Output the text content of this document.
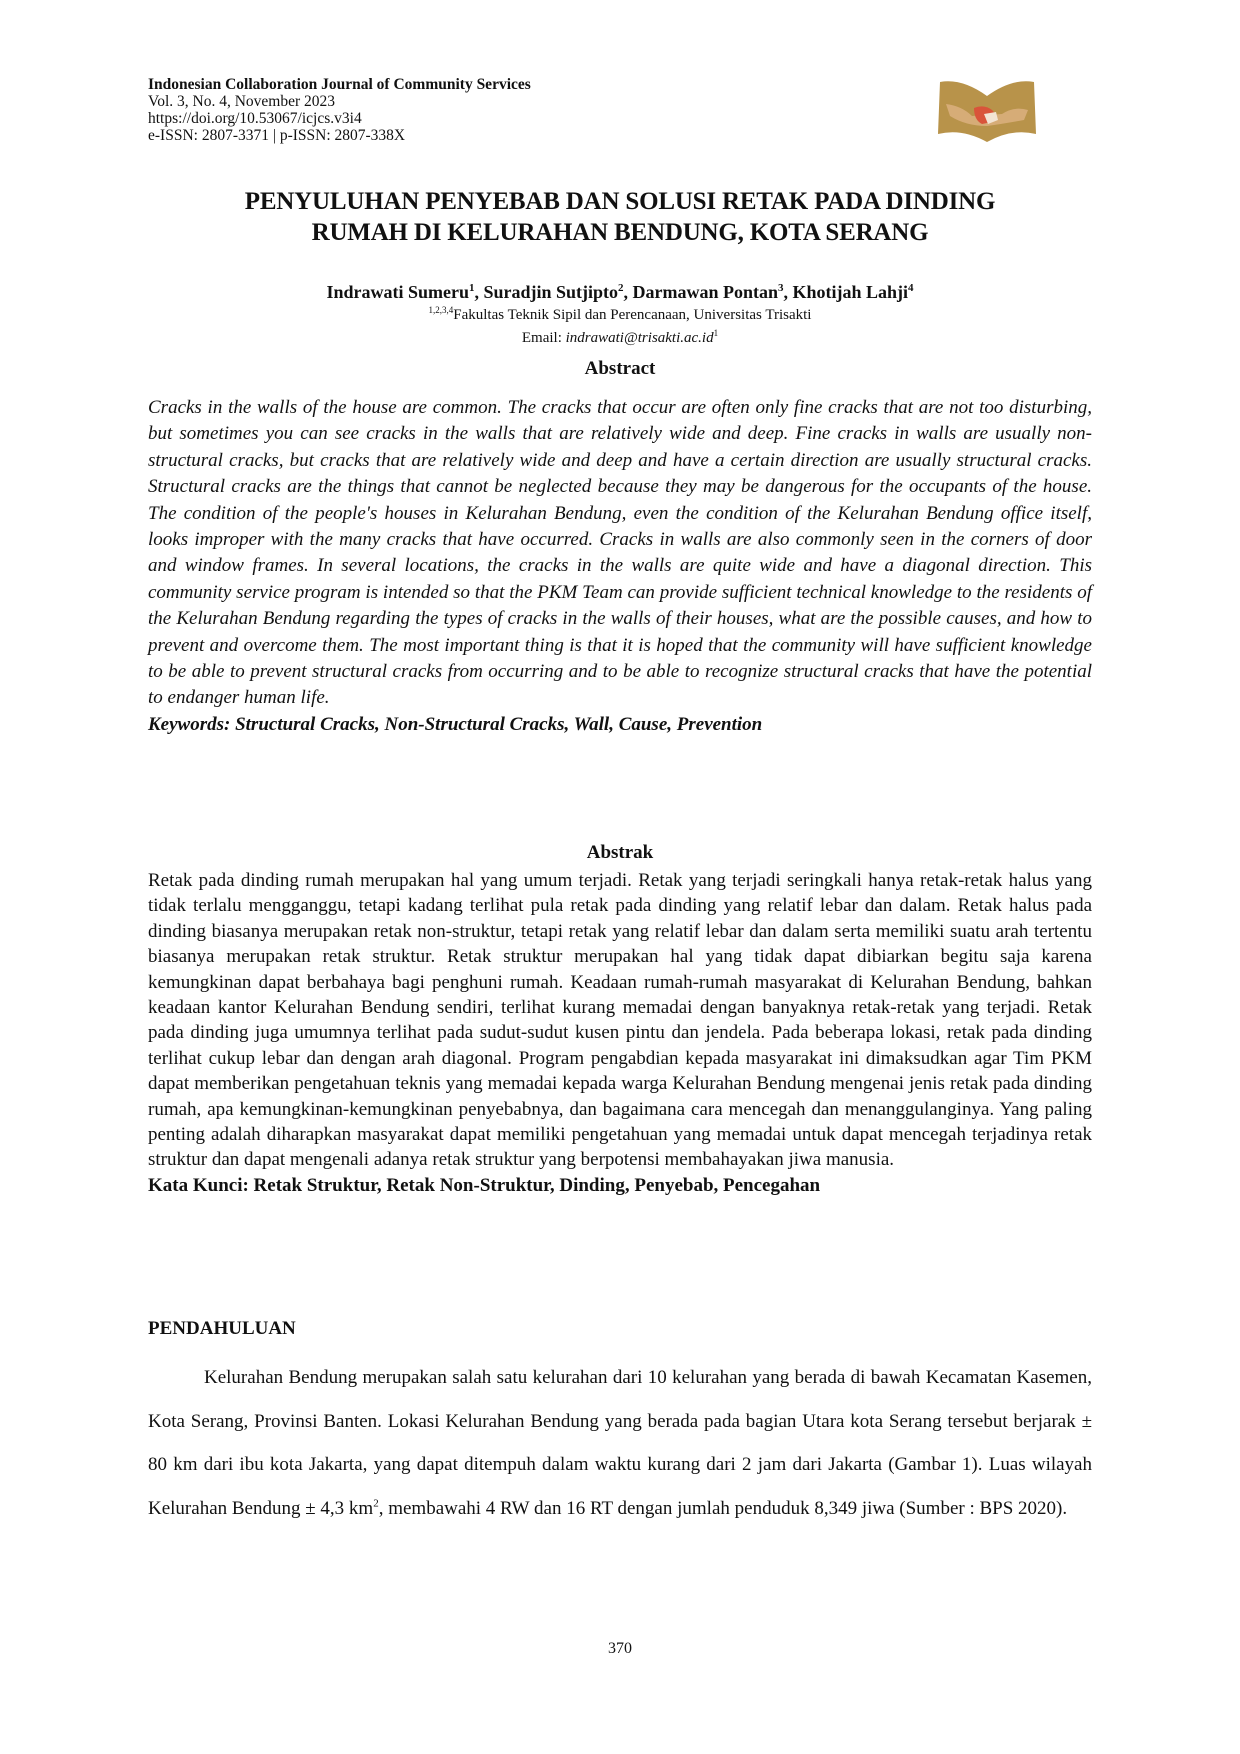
Indonesian Collaboration Journal of Community Services
Vol. 3, No. 4, November 2023
https://doi.org/10.53067/icjcs.v3i4
e-ISSN: 2807-3371 | p-ISSN: 2807-338X
PENYULUHAN PENYEBAB DAN SOLUSI RETAK PADA DINDING
RUMAH DI KELURAHAN BENDUNG, KOTA SERANG
Indrawati Sumeru$^1$, Suradjin Sutjipto$^2$, Darmawan Pontan$^3$, Khotijah Lahji$^4$
$^{1,2,3,4}$Fakultas Teknik Sipil dan Perencanaan, Universitas Trisakti
Email: $indrawati@trisakti.ac.id^1$
Abstract
Cracks in the walls of the house are common. The cracks that occur are often only fine cracks that are not too disturbing, but sometimes you can see cracks in the walls that are relatively wide and deep. Fine cracks in walls are usually non-structural cracks, but cracks that are relatively wide and deep and have a certain direction are usually structural cracks. Structural cracks are the things that cannot be neglected because they may be dangerous for the occupants of the house. The condition of the people's houses in Kelurahan Bendung, even the condition of the Kelurahan Bendung office itself, looks improper with the many cracks that have occurred. Cracks in walls are also commonly seen in the corners of door and window frames. In several locations, the cracks in the walls are quite wide and have a diagonal direction. This community service program is intended so that the PKM Team can provide sufficient technical knowledge to the residents of the Kelurahan Bendung regarding the types of cracks in the walls of their houses, what are the possible causes, and how to prevent and overcome them. The most important thing is that it is hoped that the community will have sufficient knowledge to be able to prevent structural cracks from occurring and to be able to recognize structural cracks that have the potential to endanger human life.
Keywords: Structural Cracks, Non-Structural Cracks, Wall, Cause, Prevention
Abstrak
Retak pada dinding rumah merupakan hal yang umum terjadi. Retak yang terjadi seringkali hanya retak-retak halus yang tidak terlalu mengganggu, tetapi kadang terlihat pula retak pada dinding yang relatif lebar dan dalam. Retak halus pada dinding biasanya merupakan retak non-struktur, tetapi retak yang relatif lebar dan dalam serta memiliki suatu arah tertentu biasanya merupakan retak struktur. Retak struktur merupakan hal yang tidak dapat dibiarkan begitu saja karena kemungkinan dapat berbahaya bagi penghuni rumah. Keadaan rumah-rumah masyarakat di Kelurahan Bendung, bahkan keadaan kantor Kelurahan Bendung sendiri, terlihat kurang memadai dengan banyaknya retak-retak yang terjadi. Retak pada dinding juga umumnya terlihat pada sudut-sudut kusen pintu dan jendela. Pada beberapa lokasi, retak pada dinding terlihat cukup lebar dan dengan arah diagonal. Program pengabdian kepada masyarakat ini dimaksudkan agar Tim PKM dapat memberikan pengetahuan teknis yang memadai kepada warga Kelurahan Bendung mengenai jenis retak pada dinding rumah, apa kemungkinan-kemungkinan penyebabnya, dan bagaimana cara mencegah dan menanggulanginya. Yang paling penting adalah diharapkan masyarakat dapat memiliki pengetahuan yang memadai untuk dapat mencegah terjadinya retak struktur dan dapat mengenali adanya retak struktur yang berpotensi membahayakan jiwa manusia.
Kata Kunci: Retak Struktur, Retak Non-Struktur, Dinding, Penyebab, Pencegahan
PENDAHULUAN
Kelurahan Bendung merupakan salah satu kelurahan dari 10 kelurahan yang berada di bawah Kecamatan Kasemen, Kota Serang, Provinsi Banten. Lokasi Kelurahan Bendung yang berada pada bagian Utara kota Serang tersebut berjarak ± 80 km dari ibu kota Jakarta, yang dapat ditempuh dalam waktu kurang dari 2 jam dari Jakarta (Gambar 1). Luas wilayah Kelurahan Bendung ± 4,3 $km^2$, membawahi 4 RW dan 16 RT dengan jumlah penduduk 8,349 jiwa (Sumber : BPS 2020).
370
